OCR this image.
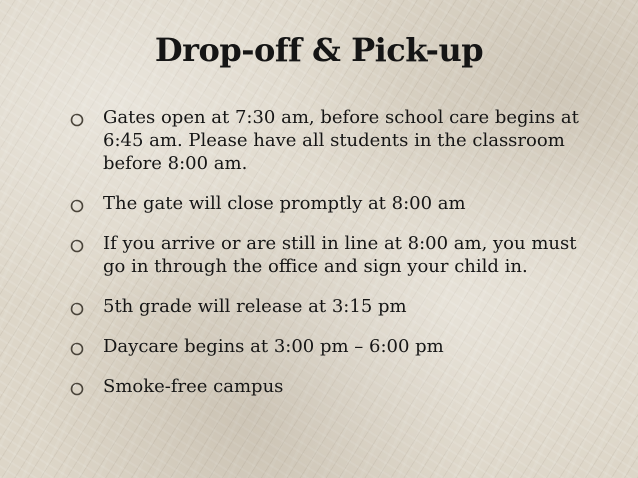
Drop-off & Pick-up
Gates open at 7:30 am, before school care begins at 6:45 am. Please have all students in the classroom before 8:00 am.
The gate will close promptly at 8:00 am
If you arrive or are still in line at 8:00 am, you must go in through the office and sign your child in.
5th grade will release at 3:15 pm
Daycare begins at 3:00 pm – 6:00 pm
Smoke-free campus
